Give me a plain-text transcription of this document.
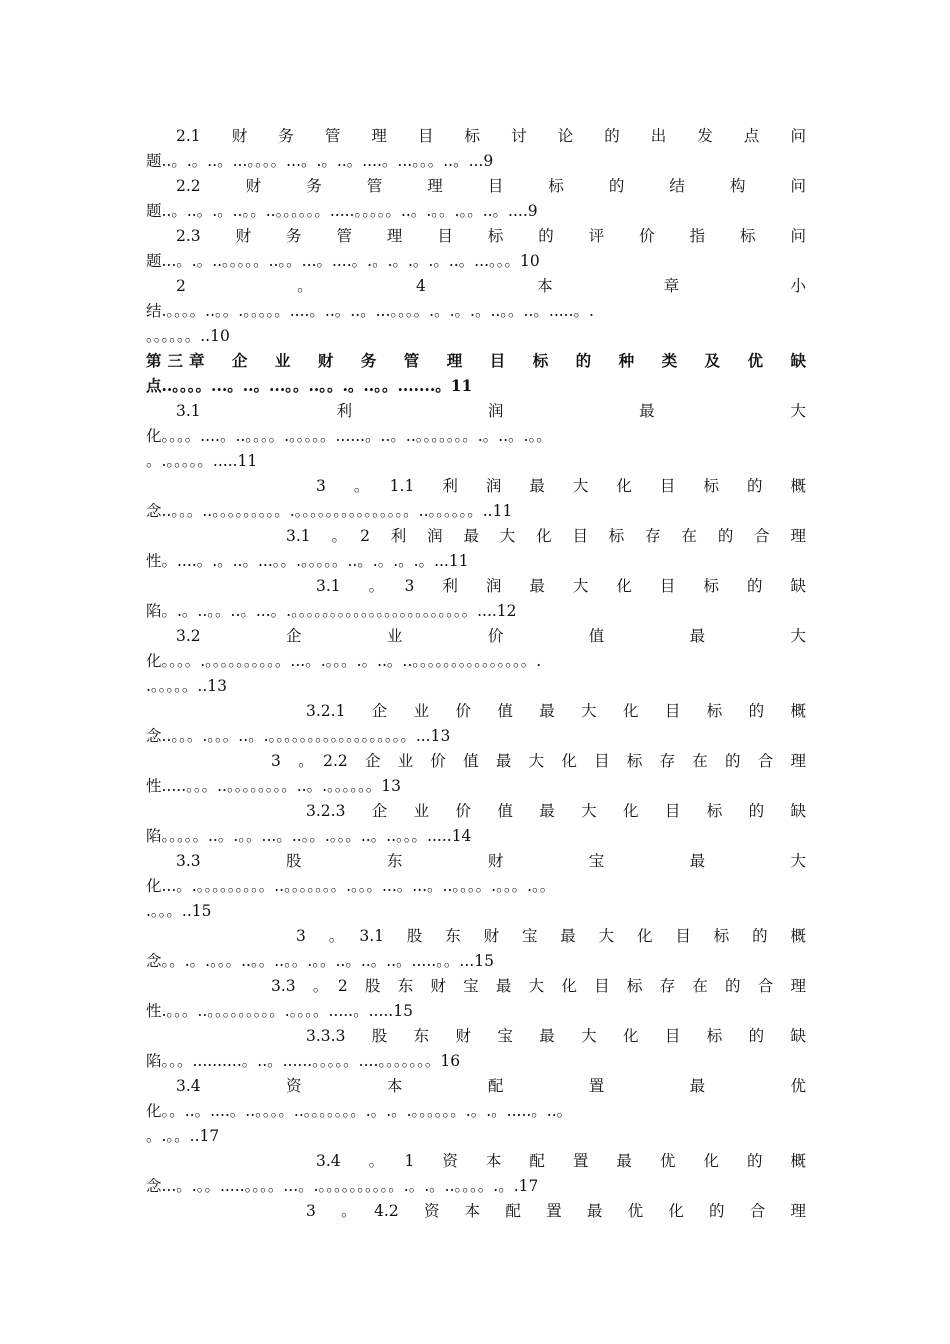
2.1　财　务　管　理　目　标　讨　论　的　出　发　点　问
题..。.。..。...。。。。...。.。..。....。...。。。..。...9
2.2　财　务　管　理　目　标　的　结　构　问
题..。..。.。..。。..。。。。。。.....。。。。。..。.。。.。。..。....9
2.3　财　务　管　理　目　标　的　评　价　指　标　问
题...。.。..。。。。。..。。...。....。.。.。.。.。..。...。。。10
2　。　4　本　章　小
结.。。。。..。。.。。。。。....。..。..。...。。。。.。.。.。..。。..。.....。.
。。。。。。..10
第三章　企　业　财　务　管　理　目　标　的　种　类　及　优　缺
点..。。。。...。..。...。。..。。.。..。。.......。11
3.1　利　润　最　大
化。。。。....。..。。。。.。。。。。......。..。..。。。。。。。.。..。.。。
。.。。。。。.....11
3　。　1.1　利　润　最　大　化　目　标　的　概
念..。。。..。。。。。。。。。.。。。。。。。。。。。。。。。..。。。。。。..11
3.1　。　2　利　润　最　大　化　目　标　存　在　的　合　理
性。....。.。..。...。。.。。。。。..。.。.。.。...11
3.1　。　3　利　润　最　大　化　目　标　的　缺
陷。.。..。。..。...。.。。。。。。。。。。。。。。。。。。。。。。。....12
3.2　企　业　价　值　最　大
化。。。。.。。。。。。。。。。...。.。。。.。..。..。。。。。。。。。。。。。。。.
.。。。。。..13
3.2.1　企　业　价　值　最　大　化　目　标　的　概
念..。。。.。。。..。.。。。。。。。。。。。。。。。。。。...13
3　。　2.2　企　业　价　值　最　大　化　目　标　存　在　的　合　理
性.....。。。..。。。。。。。。..。.。。。。。。13
3.2.3　企　业　价　值　最　大　化　目　标　的　缺
陷。。。。。..。.。。...。..。。.。。。..。..。。。.....14
3.3　股　东　财　宝　最　大
化...。.。。。。。。。。。..。。。。。。。.。。。...。...。..。。。。.。。。.。。
.。。。..15
3　。　3.1　股　东　财　宝　最　大　化　目　标　的　概
念。。.。.。。。..。。..。。.。。..。..。..。.....。。...15
3.3　。　2　股　东　财　宝　最　大　化　目　标　存　在　的　合　理
性.。。。..。。。。。。。。。.。。。。.....。.....15
3.3.3　股　东　财　宝　最　大　化　目　标　的　缺
陷。。。..........。..。......。。。。。....。。。。。。。16
3.4　资　本　配　置　最　优
化。。..。....。..。。。。..。。。。。。。.。.。.。。。。。。.。.。.....。..。
。.。。..17
3.4　。　1　资　本　配　置　最　优　化　的　概
念...。.。。.....。。。。...。.。。。。。。。。。。.。.。..。。。。.。.17
3　。　4.2　资　本　配　置　最　优　化　的　合　理
